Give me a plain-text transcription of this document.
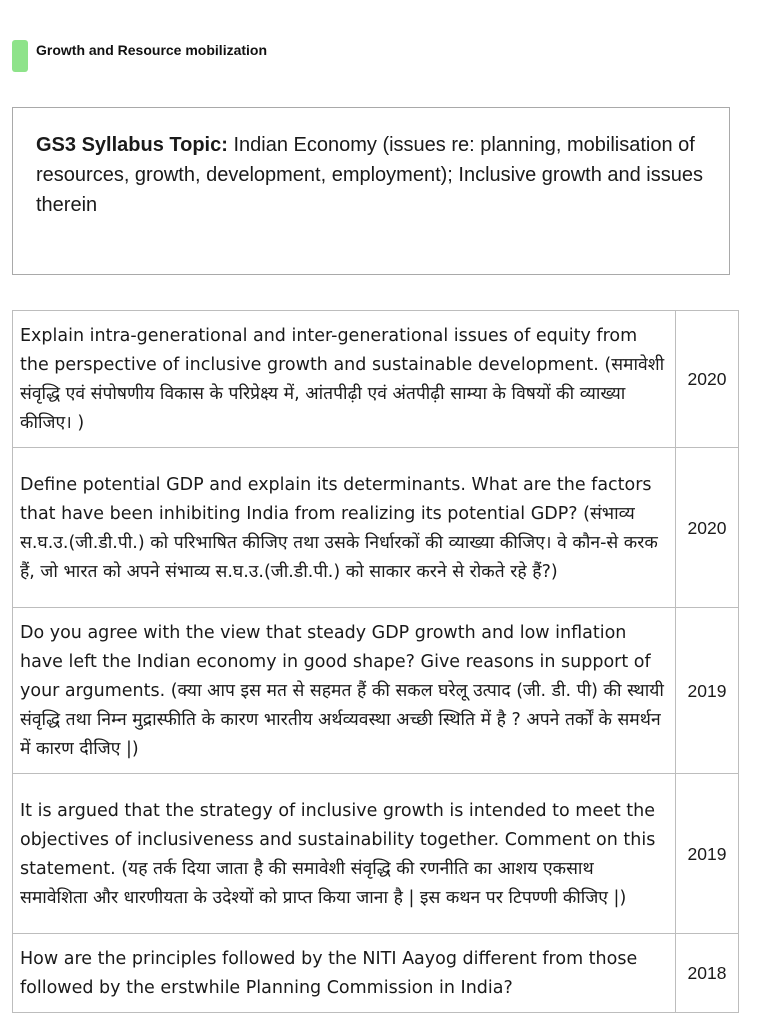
Growth and Resource mobilization
GS3 Syllabus Topic: Indian Economy (issues re: planning, mobilisation of resources, growth, development, employment); Inclusive growth and issues therein
Explain intra-generational and inter-generational issues of equity from the perspective of inclusive growth and sustainable development. (समावेशी संवृद्धि एवं संपोषणीय विकास के परिप्रेक्ष्य में, आंतपीढ़ी एवं अंतपीढ़ी साम्या के विषयों की व्याख्या कीजिए। )	2020
Define potential GDP and explain its determinants. What are the factors that have been inhibiting India from realizing its potential GDP? (संभाव्य स.घ.उ.(जी.डी.पी.) को परिभाषित कीजिए तथा उसके निर्धारकों की व्याख्या कीजिए। वे कौन-से करक हैं, जो भारत को अपने संभाव्य स.घ.उ.(जी.डी.पी.) को साकार करने से रोकते रहे हैं?)	2020
Do you agree with the view that steady GDP growth and low inflation have left the Indian economy in good shape? Give reasons in support of your arguments. (क्या आप इस मत से सहमत हैं की सकल घरेलू उत्पाद (जी. डी. पी) की स्थायी संवृद्धि तथा निम्न मुद्रास्फीति के कारण भारतीय अर्थव्यवस्था अच्छी स्थिति में है ? अपने तर्कों के समर्थन में कारण दीजिए |)	2019
It is argued that the strategy of inclusive growth is intended to meet the objectives of inclusiveness and sustainability together. Comment on this statement. (यह तर्क दिया जाता है की समावेशी संवृद्धि की रणनीति का आशय एकसाथ समावेशिता और धारणीयता के उदेश्यों को प्राप्त किया जाना है | इस कथन पर टिपण्णी कीजिए |)	2019
How are the principles followed by the NITI Aayog different from those followed by the erstwhile Planning Commission in India?	2018
